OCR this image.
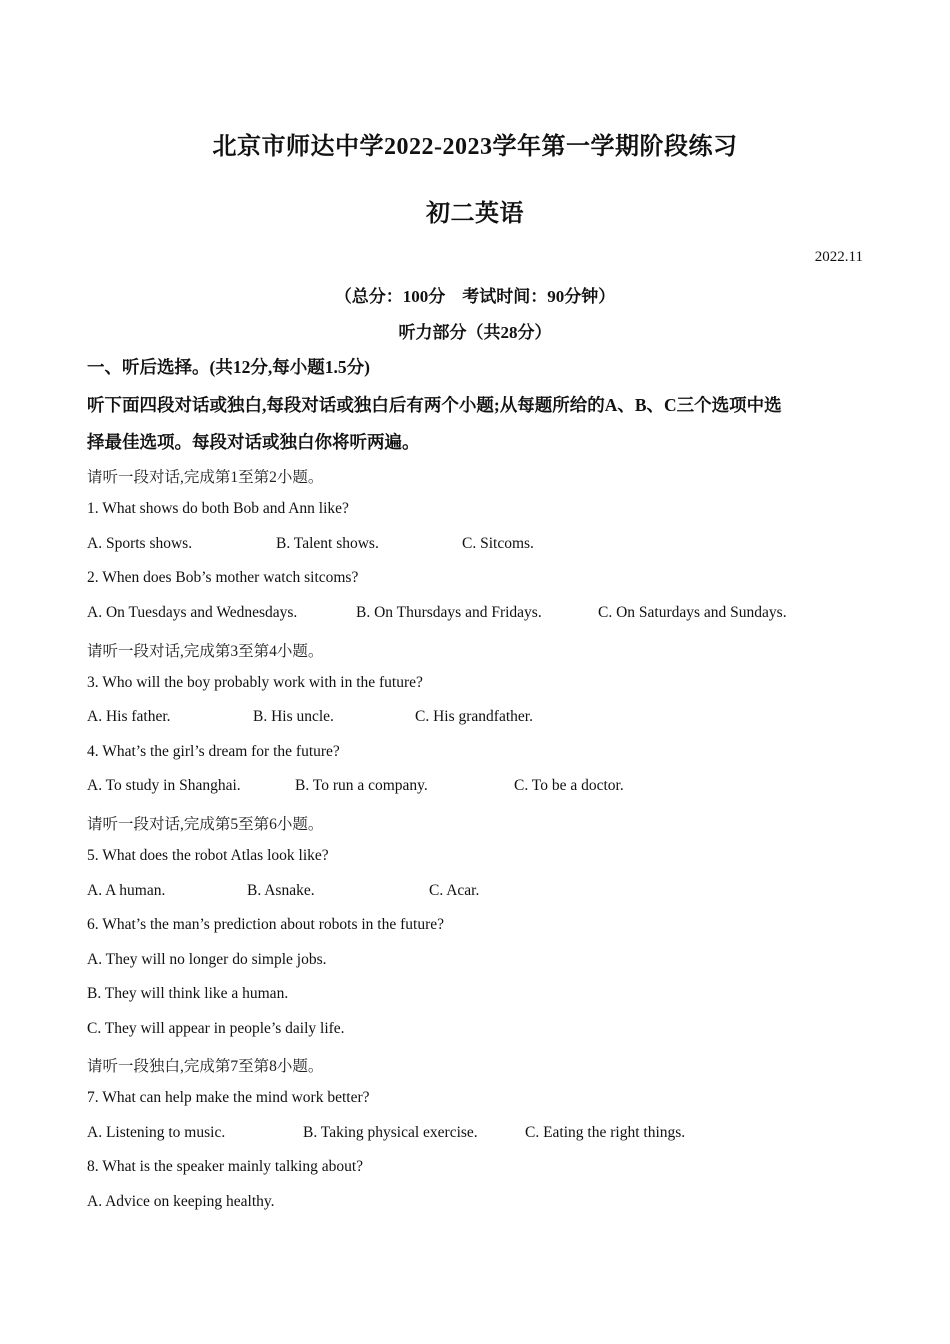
北京市师达中学2022-2023学年第一学期阶段练习
初二英语
2022.11
（总分：100分　考试时间：90分钟）
听力部分（共28分）
一、听后选择。(共12分,每小题1.5分)
听下面四段对话或独白,每段对话或独白后有两个小题;从每题所给的A、B、C三个选项中选
择最佳选项。每段对话或独白你将听两遍。
请听一段对话,完成第1至第2小题。
1. What shows do both Bob and Ann like?
A. Sports shows.	B. Talent shows.	C. Sitcoms.
2. When does Bob’s mother watch sitcoms?
A. On Tuesdays and Wednesdays.	B. On Thursdays and Fridays.	C. On Saturdays and Sundays.
请听一段对话,完成第3至第4小题。
3. Who will the boy probably work with in the future?
A. His father.	B. His uncle.	C. His grandfather.
4. What’s the girl’s dream for the future?
A. To study in Shanghai.	B. To run a company.	C. To be a doctor.
请听一段对话,完成第5至第6小题。
5. What does the robot Atlas look like?
A. A human.	B. Asnake.	C. Acar.
6. What’s the man’s prediction about robots in the future?
A. They will no longer do simple jobs.
B. They will think like a human.
C. They will appear in people’s daily life.
请听一段独白,完成第7至第8小题。
7. What can help make the mind work better?
A. Listening to music.	B. Taking physical exercise.	C. Eating the right things.
8. What is the speaker mainly talking about?
A. Advice on keeping healthy.
